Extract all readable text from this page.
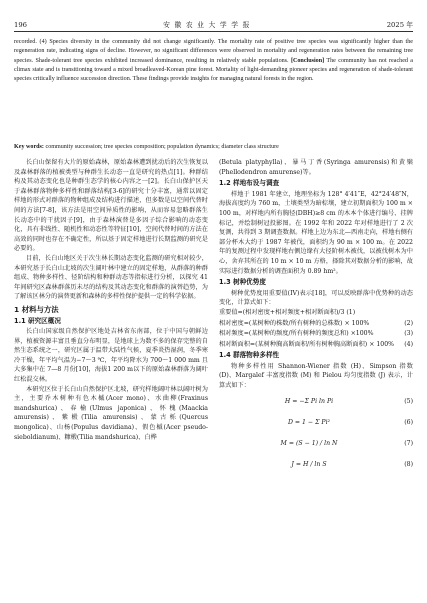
196	安 徽 农 业 大 学 学 报	2025 年
recorded. (4) Species diversity in the community did not change significantly. The mortality rate of positive tree species was significantly higher than the regeneration rate, indicating signs of decline. However, no significant differences were observed in mortality and regeneration rates between the remaining tree species. Shade-tolerant tree species exhibited increased dominance, resulting in relatively stable populations. [Conclusion] The community has not reached a climax state and is transitioning toward a mixed broadleaved-Korean pine forest. Mortality of light-demanding pioneer species and regeneration of shade-tolerant species critically influence succession direction. These findings provide insights for managing natural forests in the region.
Key words: community succession; tree species composition; population dynamics; diameter class structure

长白山保留有大片的原始森林，原始森林遭到扰动后的次生恢复以及森林群落的植被类型与种群生长动态一直是研究的热点[1]。种群结构及其动态变化也是种群生态学的核心内容之一[2]。长白山保护区天于森林群落物种多样性和群落结构[3-6]的研究十分丰富，通常以固定样地的形式对群落的物种组成及结构进行描述，但多数是以空间代替时间的方法[7-8]，该方法是用空间异质性的影响，从而容易忽略群落生长动态中的干扰因子[9]，由于森林演替是多因子综合影响的动态变化，具有非线性、随机性和动态性等特征[10]，空间代替时间的方法在高效的同时也存在不确定性，所以基于固定样地进行长期监测的研究是必要的。

目前，长白山地区关于次生林长期动态变化监测的研究相对较少，本研究基于长白山北坡的次生阔叶林中建立的固定样地，从群落的种群组成、物种多样性、径阶结构和种群动态等指标进行分析，以探究 41 年间研究区森林群落历未尽的结构及其动态变化和群落的演替趋势，为了解该区林分的演替更新和森林的多样性保护提供一定的科学依据。

1 材料与方法
1.1 研究区概况

长白山国家级自然保护区地处吉林省东南部，位于中国与朝鲜边界，植被资源丰富且垂直分布明显，是地球上为数不多的保存完整的自然生态系统之一，研究区属于温带大陆性气候，夏季炎热湿润，冬季寒冷干燥，年平均气温为−7～3 ℃，年平均降水为 700～1 000 mm 且大多集中在 7—8 月份[10]，海拔1 200 m以下的原始森林群落为阔叶红松混交林。

本研究区位于长白山自然保护区北坡，研究样地阔叶林以阔叶树为主，主要乔木树种有色木槭(Acer mono)、水曲柳(Fraxinus mandshurica)、春榆(Ulmus japonica)、怀槐(Maackia amurensis)、紫椴(Tilia amurensis)、蒙古栎(Quercus mongolica)、山杨(Populus davidiana)、假色槭(Acer pseudo-sieboldianum)、糠椴(Tilia mandshurica)、白桦

(Betula platyphylla)、暴马丁香(Syringa amurensis)和黄檗(Phellodendron amurense)等。

1.2 样地布设与调查

样地于 1981 年建立，地理坐标为 128° 4′41″E，42°24′48″N，海拔高度约为 760 m，土壤类型为暗棕壤，建立初期面积为 100 m × 100 m，对样地内所有胸径(DBH)≥8 cm 的木本个体进行编号、挂牌标记，并绘制树冠投影图。在 1992 年和 2022 年对样地进行了 2 次复测，共得到 3 期调查数据。样地上边为东北—西南走向，样地右侧有部分杯木大约于 1987 年被伐，面积约为 90 m × 100 m。在 2022 年的复测过程中发现样地右侧边缘有大径阶树木被伐，以被伐树木为中心，舍弃其所在的 10 m × 10 m 方格，择除其对数据分析的影响，故实际进行数据分析的调查面积为 0.89 hm²。

1.3 树种优势度

树种优势度用重要值(IV)表示[18]，可以反映群落中优势种的动态变化，计算式如下：

重要值=(相对密度+相对频度+相对断面积)/3 (1)

相对密度=(某树种的株数/所有树种的总株数) × 100%	(2)
相对频度=(某树种的频度/所有树种的频度总和) ×100%	(3)
相对断面积=(某树种胸高断面积/所有树种胸高断面积) × 100%	(4)
1.4 群落物种多样性

物种多样性用 Shannon-Wiener 指数 (H)、Simpson 指数 (D)、Margalef 丰富度指数 (M) 和 Pielou 均匀度指数 (J) 表示，计算式如下：

H = −Σ Pi ln Pi	(5)
D = 1 − Σ Pi²	(6)
M = (S − 1) / ln N	(7)
J = H / ln S	(8)
